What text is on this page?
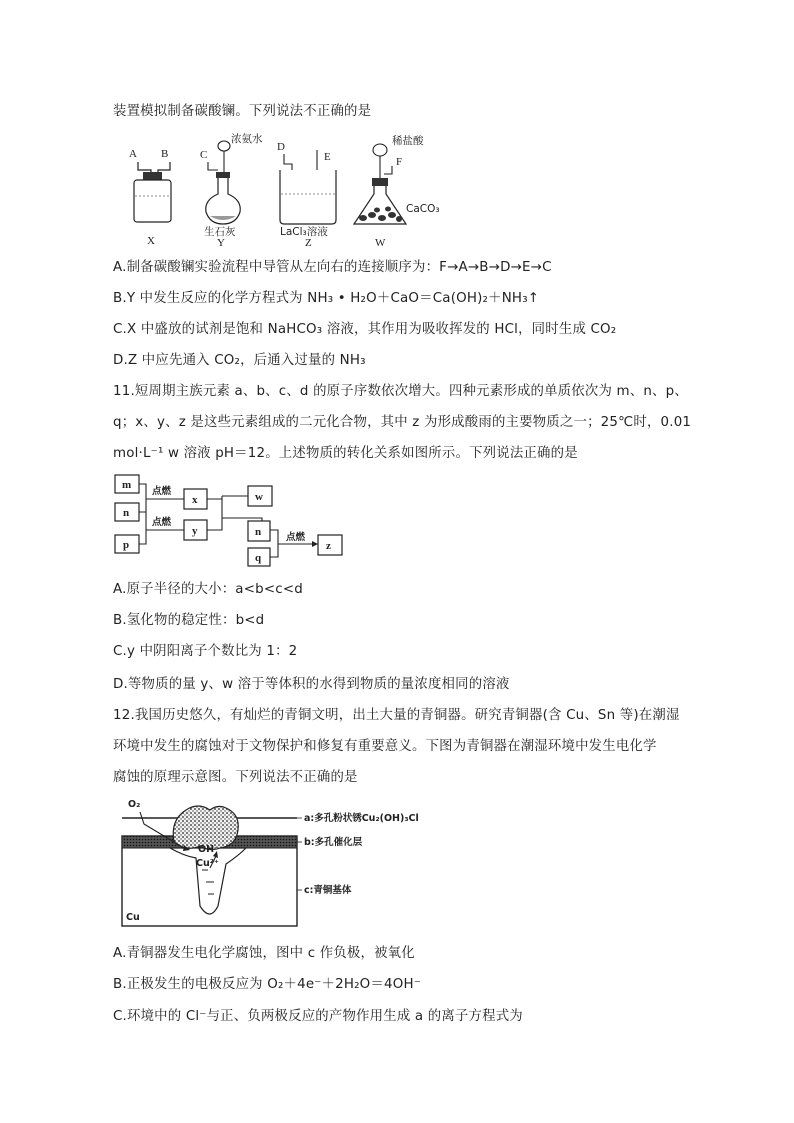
装置模拟制备碳酸镧。下列说法不正确的是
A B
X
C
浓氨水
生石灰
Y
D
E
LaCl₃溶液
Z
稀盐酸
F
CaCO₃
W
A.制备碳酸镧实验流程中导管从左向右的连接顺序为：F→A→B→D→E→C
B.Y 中发生反应的化学方程式为 NH₃ • H₂O＋CaO＝Ca(OH)₂＋NH₃↑
C.X 中盛放的试剂是饱和 NaHCO₃ 溶液，其作用为吸收挥发的 HCl，同时生成 CO₂
D.Z 中应先通入 CO₂，后通入过量的 NH₃
11.短周期主族元素 a、b、c、d 的原子序数依次增大。四种元素形成的单质依次为 m、n、p、
q；x、y、z 是这些元素组成的二元化合物，其中 z 为形成酸雨的主要物质之一；25℃时，0.01
mol·L⁻¹ w 溶液 pH＝12。上述物质的转化关系如图所示。下列说法正确的是
m
n
p
x
y
w
n
q
z
点燃
点燃
点燃
A.原子半径的大小：a<b<c<d
B.氢化物的稳定性：b<d
C.y 中阴阳离子个数比为 1：2
D.等物质的量 y、w 溶于等体积的水得到物质的量浓度相同的溶液
12.我国历史悠久，有灿烂的青铜文明，出土大量的青铜器。研究青铜器(含 Cu、Sn 等)在潮湿
环境中发生的腐蚀对于文物保护和修复有重要意义。下图为青铜器在潮湿环境中发生电化学
腐蚀的原理示意图。下列说法不正确的是
O₂
OH⁻
Cu²⁺
Cu
a:多孔粉状锈Cu₂(OH)₃Cl
b:多孔催化层
c:青铜基体
A.青铜器发生电化学腐蚀，图中 c 作负极，被氧化
B.正极发生的电极反应为 O₂＋4e⁻＋2H₂O＝4OH⁻
C.环境中的 Cl⁻与正、负两极反应的产物作用生成 a 的离子方程式为
